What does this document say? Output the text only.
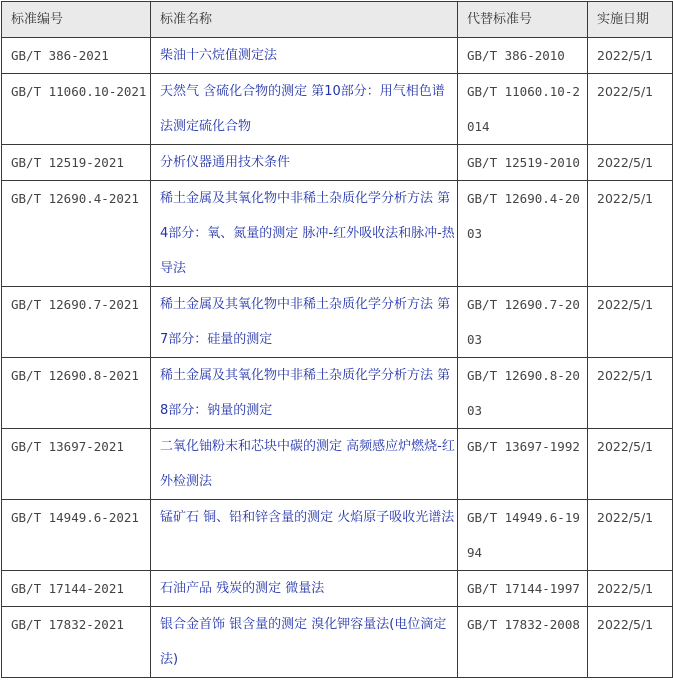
标准编号	标准名称	代替标准号	实施日期
GB/T 386-2021	柴油十六烷值测定法	GB/T 386-2010	2022/5/1
GB/T 11060.10-2021	天然气 含硫化合物的测定 第10部分：用气相色谱法测定硫化合物	GB/T 11060.10-2014	2022/5/1
GB/T 12519-2021	分析仪器通用技术条件	GB/T 12519-2010	2022/5/1
GB/T 12690.4-2021	稀土金属及其氧化物中非稀土杂质化学分析方法 第4部分：氧、氮量的测定 脉冲-红外吸收法和脉冲-热导法	GB/T 12690.4-2003	2022/5/1
GB/T 12690.7-2021	稀土金属及其氧化物中非稀土杂质化学分析方法 第7部分：硅量的测定	GB/T 12690.7-2003	2022/5/1
GB/T 12690.8-2021	稀土金属及其氧化物中非稀土杂质化学分析方法 第8部分：钠量的测定	GB/T 12690.8-2003	2022/5/1
GB/T 13697-2021	二氧化铀粉末和芯块中碳的测定 高频感应炉燃烧-红外检测法	GB/T 13697-1992	2022/5/1
GB/T 14949.6-2021	锰矿石 铜、铅和锌含量的测定 火焰原子吸收光谱法	GB/T 14949.6-1994	2022/5/1
GB/T 17144-2021	石油产品 残炭的测定 微量法	GB/T 17144-1997	2022/5/1
GB/T 17832-2021	银合金首饰 银含量的测定 溴化钾容量法(电位滴定法)	GB/T 17832-2008	2022/5/1
